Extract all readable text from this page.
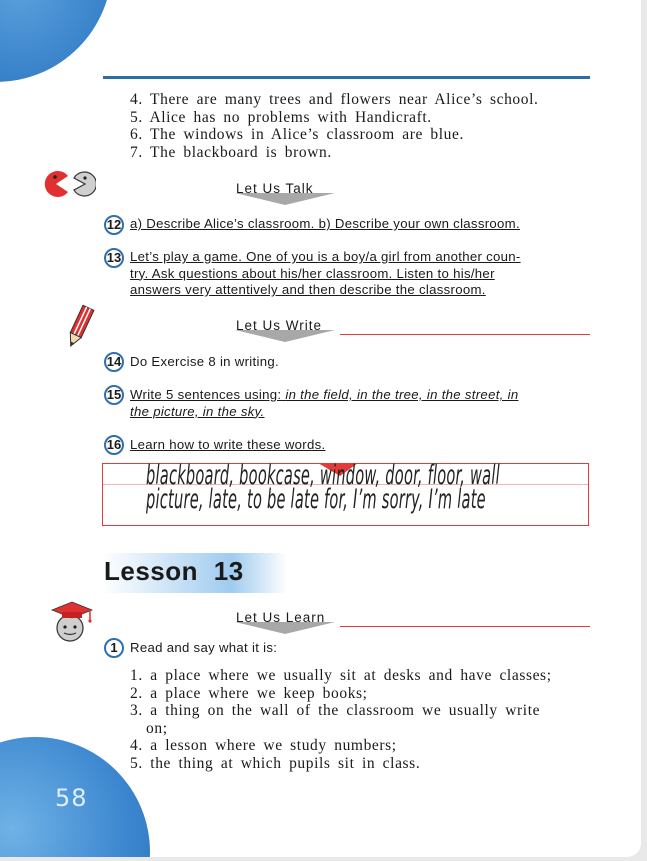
58
4. There are many trees and flowers near Alice’s school.
5. Alice has no problems with Handicraft.
6. The windows in Alice’s classroom are blue.
7. The blackboard is brown.
Let Us Talk
12 a) Describe Alice’s classroom. b) Describe your own classroom.
13 Let’s play a game. One of you is a boy/a girl from another coun-
try. Ask questions about his/her classroom. Listen to his/her
answers very attentively and then describe the classroom.
Let Us Write
14 Do Exercise 8 in writing.
15 Write 5 sentences using: in the field, in the tree, in the street, in
the picture, in the sky.
16 Learn how to write these words.
blackboard, bookcase, window, door, floor, wall
picture, late, to be late for, I’m sorry, I’m late
Lesson 13
Let Us Learn
1 Read and say what it is:
1. a place where we usually sit at desks and have classes;
2. a place where we keep books;
3. a thing on the wall of the classroom we usually write
on;
4. a lesson where we study numbers;
5. the thing at which pupils sit in class.
